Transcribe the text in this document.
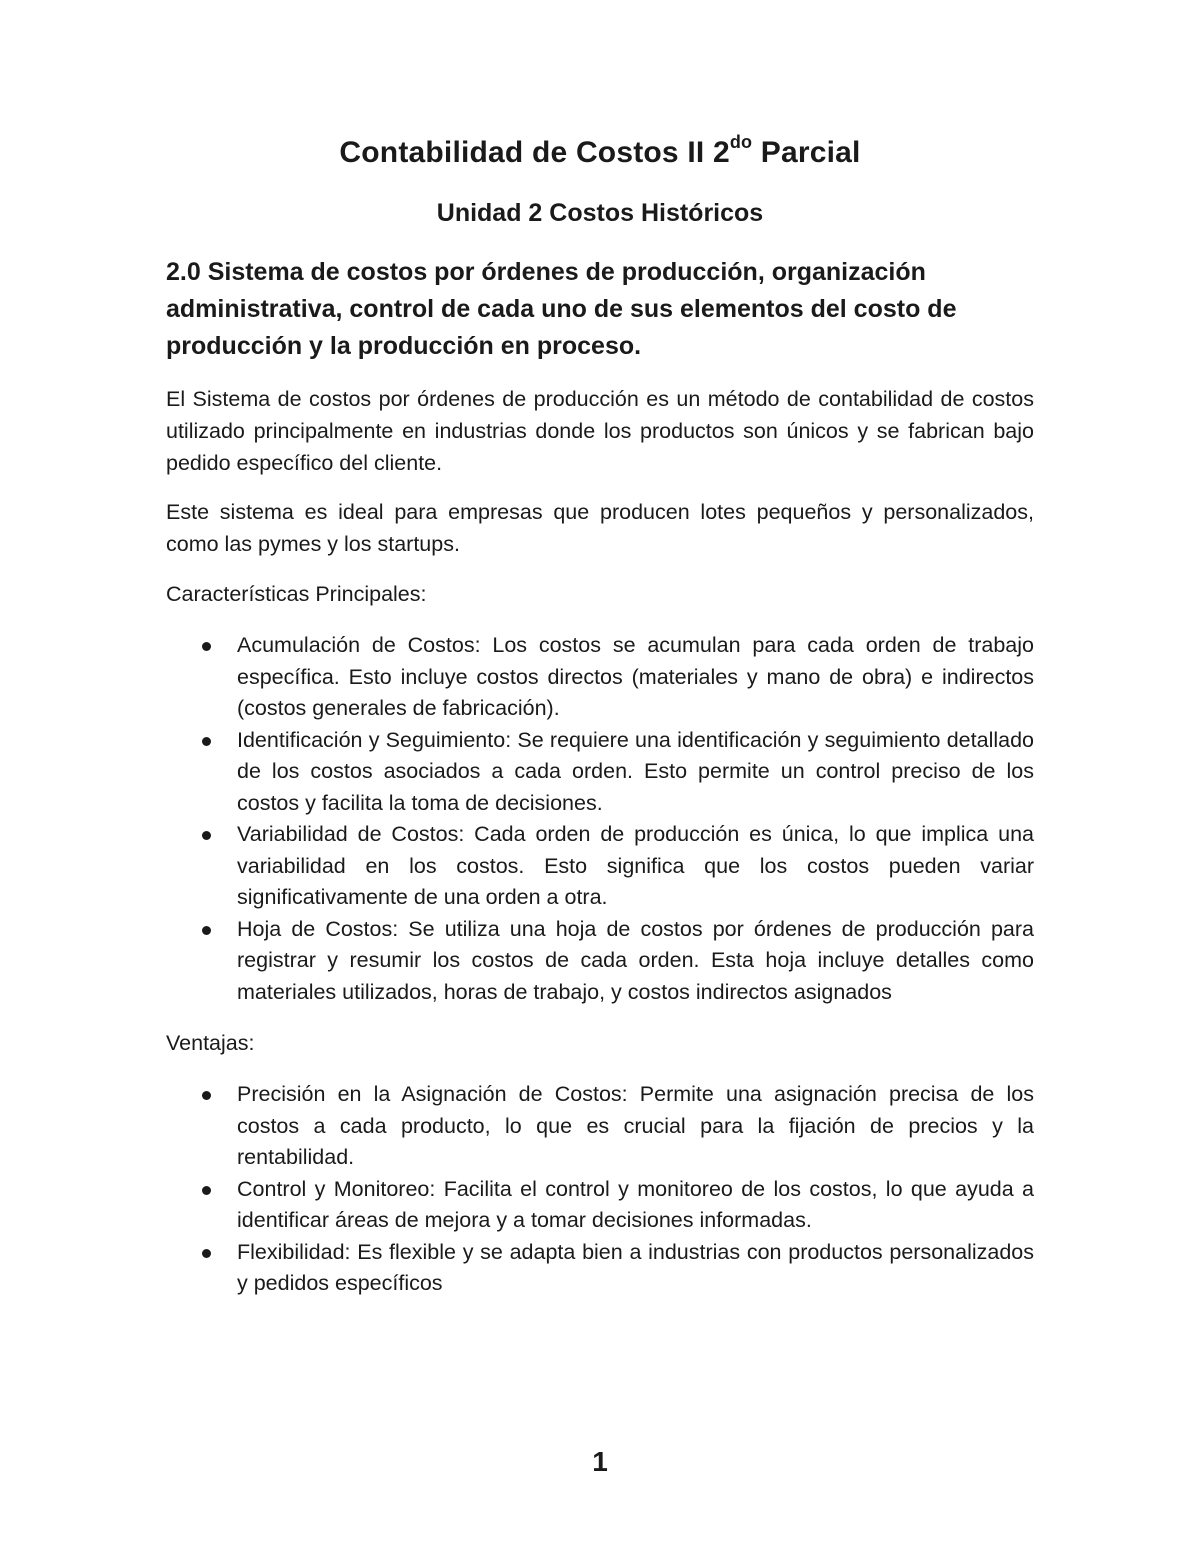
Contabilidad de Costos II $2^{do}$ Parcial
Unidad 2 Costos Históricos
2.0 Sistema de costos por órdenes de producción, organización administrativa, control de cada uno de sus elementos del costo de producción y la producción en proceso.

El Sistema de costos por órdenes de producción es un método de contabilidad de costos utilizado principalmente en industrias donde los productos son únicos y se fabrican bajo pedido específico del cliente.

Este sistema es ideal para empresas que producen lotes pequeños y personalizados, como las pymes y los startups.

Características Principales:

Acumulación de Costos: Los costos se acumulan para cada orden de trabajo específica. Esto incluye costos directos (materiales y mano de obra) e indirectos (costos generales de fabricación).
Identificación y Seguimiento: Se requiere una identificación y seguimiento detallado de los costos asociados a cada orden. Esto permite un control preciso de los costos y facilita la toma de decisiones.
Variabilidad de Costos: Cada orden de producción es única, lo que implica una variabilidad en los costos. Esto significa que los costos pueden variar significativamente de una orden a otra.
Hoja de Costos: Se utiliza una hoja de costos por órdenes de producción para registrar y resumir los costos de cada orden. Esta hoja incluye detalles como materiales utilizados, horas de trabajo, y costos indirectos asignados

Ventajas:

Precisión en la Asignación de Costos: Permite una asignación precisa de los costos a cada producto, lo que es crucial para la fijación de precios y la rentabilidad.
Control y Monitoreo: Facilita el control y monitoreo de los costos, lo que ayuda a identificar áreas de mejora y a tomar decisiones informadas.
Flexibilidad: Es flexible y se adapta bien a industrias con productos personalizados y pedidos específicos

1
